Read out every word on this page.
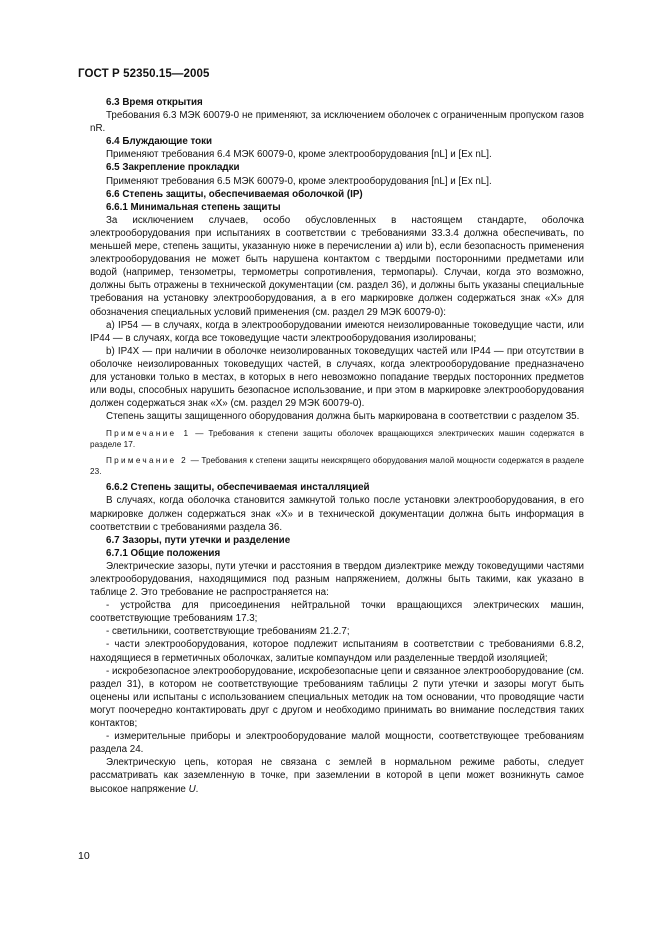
ГОСТ Р 52350.15—2005

6.3 Время открытия

Требования 6.3 МЭК 60079-0 не применяют, за исключением оболочек с ограниченным пропуском газов nR.

6.4 Блуждающие токи

Применяют требования 6.4 МЭК 60079-0, кроме электрооборудования [nL] и [Ex nL].

6.5 Закрепление прокладки

Применяют требования 6.5 МЭК 60079-0, кроме электрооборудования [nL] и [Ex nL].

6.6 Степень защиты, обеспечиваемая оболочкой (IP)

6.6.1 Минимальная степень защиты

За исключением случаев, особо обусловленных в настоящем стандарте, оболочка электрооборудования при испытаниях в соответствии с требованиями 33.3.4 должна обеспечивать, по меньшей мере, степень защиты, указанную ниже в перечислении а) или b), если безопасность применения электрооборудования не может быть нарушена контактом с твердыми посторонними предметами или водой (например, тензометры, термометры сопротивления, термопары). Случаи, когда это возможно, должны быть отражены в технической документации (см. раздел 36), и должны быть указаны специальные требования на установку электрооборудования, а в его маркировке должен содержаться знак «X» для обозначения специальных условий применения (см. раздел 29 МЭК 60079-0):

a) IP54 — в случаях, когда в электрооборудовании имеются неизолированные токоведущие части, или IP44 — в случаях, когда все токоведущие части электрооборудования изолированы;

b) IP4X — при наличии в оболочке неизолированных токоведущих частей или IP44 — при отсутствии в оболочке неизолированных токоведущих частей, в случаях, когда электрооборудование предназначено для установки только в местах, в которых в него невозможно попадание твердых посторонних предметов или воды, способных нарушить безопасное использование, и при этом в маркировке электрооборудования должен содержаться знак «X» (см. раздел 29 МЭК 60079-0).

Степень защиты защищенного оборудования должна быть маркирована в соответствии с разделом 35.

Примечание 1 — Требования к степени защиты оболочек вращающихся электрических машин содержатся в разделе 17.

Примечание 2 — Требования к степени защиты неискрящего оборудования малой мощности содержатся в разделе 23.

6.6.2 Степень защиты, обеспечиваемая инсталляцией

В случаях, когда оболочка становится замкнутой только после установки электрооборудования, в его маркировке должен содержаться знак «X» и в технической документации должна быть информация в соответствии с требованиями раздела 36.

6.7 Зазоры, пути утечки и разделение

6.7.1 Общие положения

Электрические зазоры, пути утечки и расстояния в твердом диэлектрике между токоведущими частями электрооборудования, находящимися под разным напряжением, должны быть такими, как указано в таблице 2. Это требование не распространяется на:

- устройства для присоединения нейтральной точки вращающихся электрических машин, соответствующие требованиям 17.3;

- светильники, соответствующие требованиям 21.2.7;

- части электрооборудования, которое подлежит испытаниям в соответствии с требованиями 6.8.2, находящиеся в герметичных оболочках, залитые компаундом или разделенные твердой изоляцией;

- искробезопасное электрооборудование, искробезопасные цепи и связанное электрооборудование (см. раздел 31), в котором не соответствующие требованиям таблицы 2 пути утечки и зазоры могут быть оценены или испытаны с использованием специальных методик на том основании, что проводящие части могут поочередно контактировать друг с другом и необходимо принимать во внимание последствия таких контактов;

- измерительные приборы и электрооборудование малой мощности, соответствующее требованиям раздела 24.

Электрическую цепь, которая не связана с землей в нормальном режиме работы, следует рассматривать как заземленную в точке, при заземлении в которой в цепи может возникнуть самое высокое напряжение U.

10
